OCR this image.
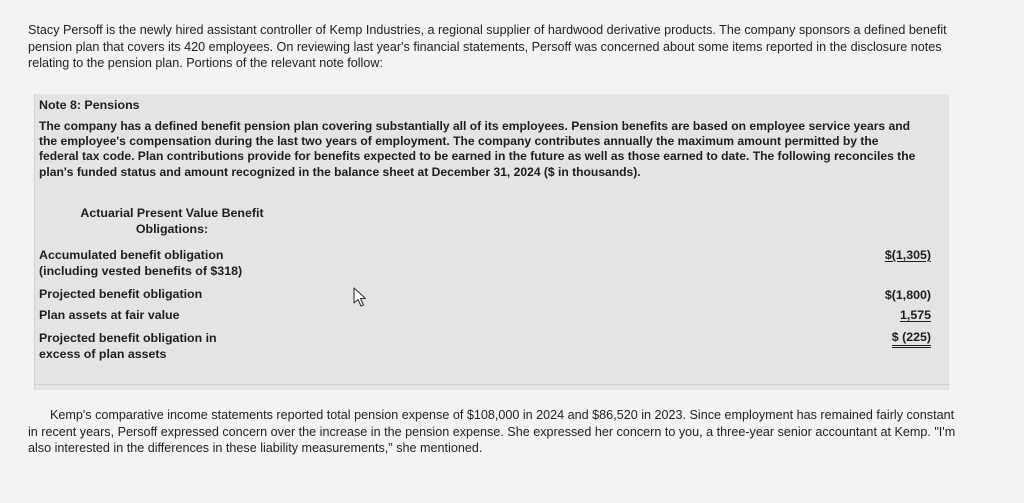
Stacy Persoff is the newly hired assistant controller of Kemp Industries, a regional supplier of hardwood derivative products. The company sponsors a defined benefit pension plan that covers its 420 employees. On reviewing last year's financial statements, Persoff was concerned about some items reported in the disclosure notes relating to the pension plan. Portions of the relevant note follow:
Note 8: Pensions
The company has a defined benefit pension plan covering substantially all of its employees. Pension benefits are based on employee service years and the employee's compensation during the last two years of employment. The company contributes annually the maximum amount permitted by the federal tax code. Plan contributions provide for benefits expected to be earned in the future as well as those earned to date. The following reconciles the plan's funded status and amount recognized in the balance sheet at December 31, 2024 ($ in thousands).
Actuarial Present Value Benefit
Obligations:
Accumulated benefit obligation
(including vested benefits of $318)
$(1,305)
Projected benefit obligation	$(1,800)
Plan assets at fair value	1,575
Projected benefit obligation in
excess of plan assets
$ (225)
Kemp's comparative income statements reported total pension expense of $108,000 in 2024 and $86,520 in 2023. Since employment has remained fairly constant in recent years, Persoff expressed concern over the increase in the pension expense. She expressed her concern to you, a three-year senior accountant at Kemp. "I'm also interested in the differences in these liability measurements," she mentioned.
